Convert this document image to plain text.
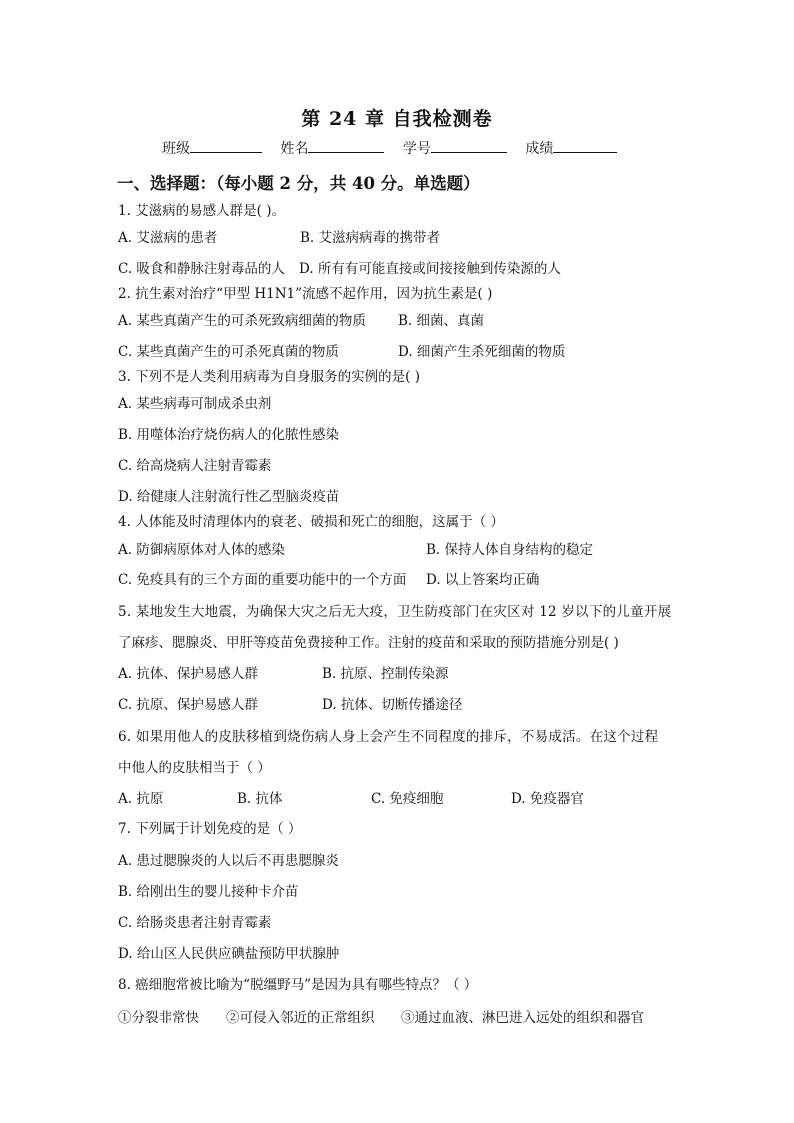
第 24 章 自我检测卷
班级	姓名	学号	成绩
一、选择题：（每小题 2 分，共 40 分。单选题）
1. 艾滋病的易感人群是( )。
A. 艾滋病的患者	B. 艾滋病病毒的携带者
C. 吸食和静脉注射毒品的人 D. 所有有可能直接或间接接触到传染源的人
2. 抗生素对治疗“甲型 H1N1”流感不起作用，因为抗生素是( )
A. 某些真菌产生的可杀死致病细菌的物质 B. 细菌、真菌
C. 某些真菌产生的可杀死真菌的物质	D. 细菌产生杀死细菌的物质
3. 下列不是人类利用病毒为自身服务的实例的是( )
A. 某些病毒可制成杀虫剂
B. 用噬体治疗烧伤病人的化脓性感染
C. 给高烧病人注射青霉素
D. 给健康人注射流行性乙型脑炎疫苗
4. 人体能及时清理体内的衰老、破损和死亡的细胞，这属于（ ）
A. 防御病原体对人体的感染	B. 保持人体自身结构的稳定
C. 免疫具有的三个方面的重要功能中的一个方面 D. 以上答案均正确
5. 某地发生大地震，为确保大灾之后无大疫，卫生防疫部门在灾区对 12 岁以下的儿童开展
了麻疹、腮腺炎、甲肝等疫苗免费接种工作。注射的疫苗和采取的预防措施分别是( )
A. 抗体、保护易感人群	B. 抗原、控制传染源
C. 抗原、保护易感人群	D. 抗体、切断传播途径
6. 如果用他人的皮肤移植到烧伤病人身上会产生不同程度的排斥，不易成活。在这个过程
中他人的皮肤相当于（ ）
A. 抗原	B. 抗体	C. 免疫细胞	D. 免疫器官
7. 下列属于计划免疫的是（ ）
A. 患过腮腺炎的人以后不再患腮腺炎
B. 给刚出生的婴儿接种卡介苗
C. 给肠炎患者注射青霉素
D. 给山区人民供应碘盐预防甲状腺肿
8. 癌细胞常被比喻为“脱缰野马”是因为具有哪些特点？（ ）
①分裂非常快 ②可侵入邻近的正常组织 ③通过血液、淋巴进入远处的组织和器官
